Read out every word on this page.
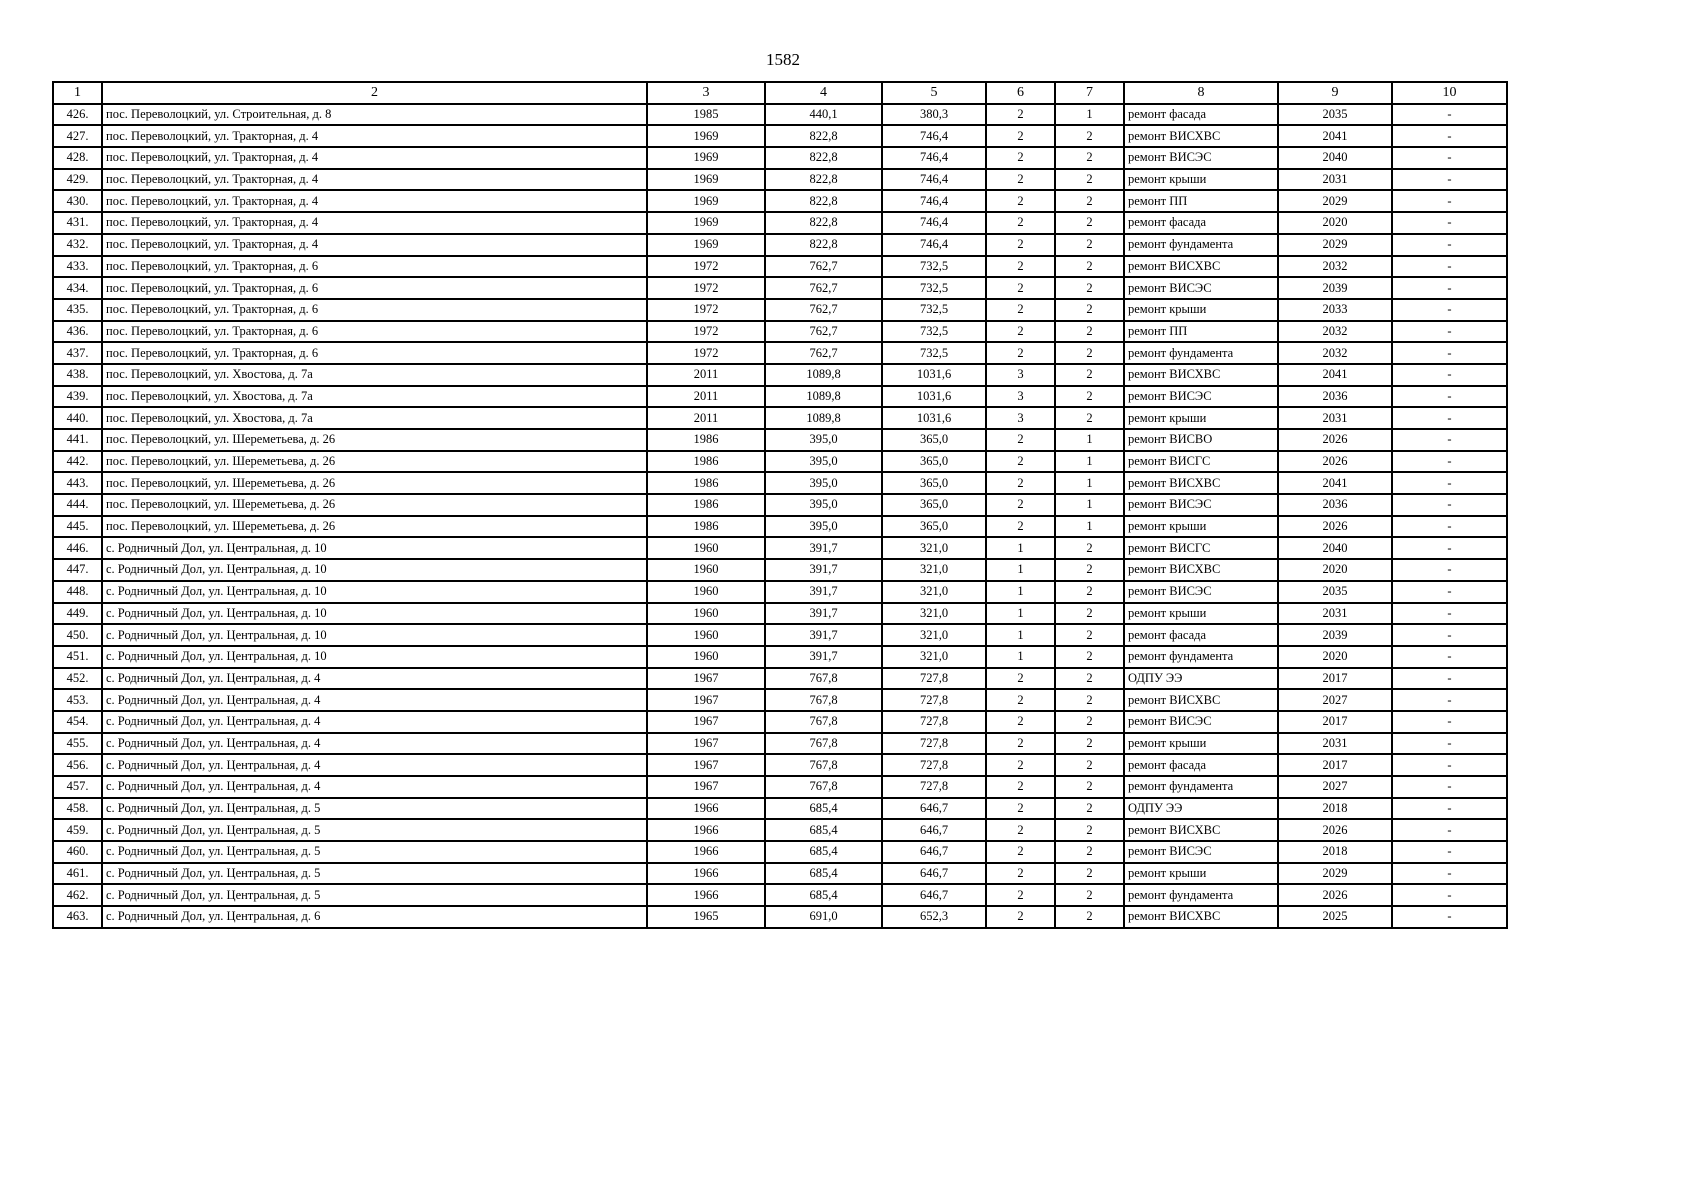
1582
1	2	3	4	5	6	7	8	9	10
426.	пос. Переволоцкий, ул. Строительная, д. 8	1985	440,1	380,3	2	1	ремонт фасада	2035	-
427.	пос. Переволоцкий, ул. Тракторная, д. 4	1969	822,8	746,4	2	2	ремонт ВИСХВС	2041	-
428.	пос. Переволоцкий, ул. Тракторная, д. 4	1969	822,8	746,4	2	2	ремонт ВИСЭС	2040	-
429.	пос. Переволоцкий, ул. Тракторная, д. 4	1969	822,8	746,4	2	2	ремонт крыши	2031	-
430.	пос. Переволоцкий, ул. Тракторная, д. 4	1969	822,8	746,4	2	2	ремонт ПП	2029	-
431.	пос. Переволоцкий, ул. Тракторная, д. 4	1969	822,8	746,4	2	2	ремонт фасада	2020	-
432.	пос. Переволоцкий, ул. Тракторная, д. 4	1969	822,8	746,4	2	2	ремонт фундамента	2029	-
433.	пос. Переволоцкий, ул. Тракторная, д. 6	1972	762,7	732,5	2	2	ремонт ВИСХВС	2032	-
434.	пос. Переволоцкий, ул. Тракторная, д. 6	1972	762,7	732,5	2	2	ремонт ВИСЭС	2039	-
435.	пос. Переволоцкий, ул. Тракторная, д. 6	1972	762,7	732,5	2	2	ремонт крыши	2033	-
436.	пос. Переволоцкий, ул. Тракторная, д. 6	1972	762,7	732,5	2	2	ремонт ПП	2032	-
437.	пос. Переволоцкий, ул. Тракторная, д. 6	1972	762,7	732,5	2	2	ремонт фундамента	2032	-
438.	пос. Переволоцкий, ул. Хвостова, д. 7а	2011	1089,8	1031,6	3	2	ремонт ВИСХВС	2041	-
439.	пос. Переволоцкий, ул. Хвостова, д. 7а	2011	1089,8	1031,6	3	2	ремонт ВИСЭС	2036	-
440.	пос. Переволоцкий, ул. Хвостова, д. 7а	2011	1089,8	1031,6	3	2	ремонт крыши	2031	-
441.	пос. Переволоцкий, ул. Шереметьева, д. 26	1986	395,0	365,0	2	1	ремонт ВИСВО	2026	-
442.	пос. Переволоцкий, ул. Шереметьева, д. 26	1986	395,0	365,0	2	1	ремонт ВИСГС	2026	-
443.	пос. Переволоцкий, ул. Шереметьева, д. 26	1986	395,0	365,0	2	1	ремонт ВИСХВС	2041	-
444.	пос. Переволоцкий, ул. Шереметьева, д. 26	1986	395,0	365,0	2	1	ремонт ВИСЭС	2036	-
445.	пос. Переволоцкий, ул. Шереметьева, д. 26	1986	395,0	365,0	2	1	ремонт крыши	2026	-
446.	с. Родничный Дол, ул. Центральная, д. 10	1960	391,7	321,0	1	2	ремонт ВИСГС	2040	-
447.	с. Родничный Дол, ул. Центральная, д. 10	1960	391,7	321,0	1	2	ремонт ВИСХВС	2020	-
448.	с. Родничный Дол, ул. Центральная, д. 10	1960	391,7	321,0	1	2	ремонт ВИСЭС	2035	-
449.	с. Родничный Дол, ул. Центральная, д. 10	1960	391,7	321,0	1	2	ремонт крыши	2031	-
450.	с. Родничный Дол, ул. Центральная, д. 10	1960	391,7	321,0	1	2	ремонт фасада	2039	-
451.	с. Родничный Дол, ул. Центральная, д. 10	1960	391,7	321,0	1	2	ремонт фундамента	2020	-
452.	с. Родничный Дол, ул. Центральная, д. 4	1967	767,8	727,8	2	2	ОДПУ ЭЭ	2017	-
453.	с. Родничный Дол, ул. Центральная, д. 4	1967	767,8	727,8	2	2	ремонт ВИСХВС	2027	-
454.	с. Родничный Дол, ул. Центральная, д. 4	1967	767,8	727,8	2	2	ремонт ВИСЭС	2017	-
455.	с. Родничный Дол, ул. Центральная, д. 4	1967	767,8	727,8	2	2	ремонт крыши	2031	-
456.	с. Родничный Дол, ул. Центральная, д. 4	1967	767,8	727,8	2	2	ремонт фасада	2017	-
457.	с. Родничный Дол, ул. Центральная, д. 4	1967	767,8	727,8	2	2	ремонт фундамента	2027	-
458.	с. Родничный Дол, ул. Центральная, д. 5	1966	685,4	646,7	2	2	ОДПУ ЭЭ	2018	-
459.	с. Родничный Дол, ул. Центральная, д. 5	1966	685,4	646,7	2	2	ремонт ВИСХВС	2026	-
460.	с. Родничный Дол, ул. Центральная, д. 5	1966	685,4	646,7	2	2	ремонт ВИСЭС	2018	-
461.	с. Родничный Дол, ул. Центральная, д. 5	1966	685,4	646,7	2	2	ремонт крыши	2029	-
462.	с. Родничный Дол, ул. Центральная, д. 5	1966	685,4	646,7	2	2	ремонт фундамента	2026	-
463.	с. Родничный Дол, ул. Центральная, д. 6	1965	691,0	652,3	2	2	ремонт ВИСХВС	2025	-
